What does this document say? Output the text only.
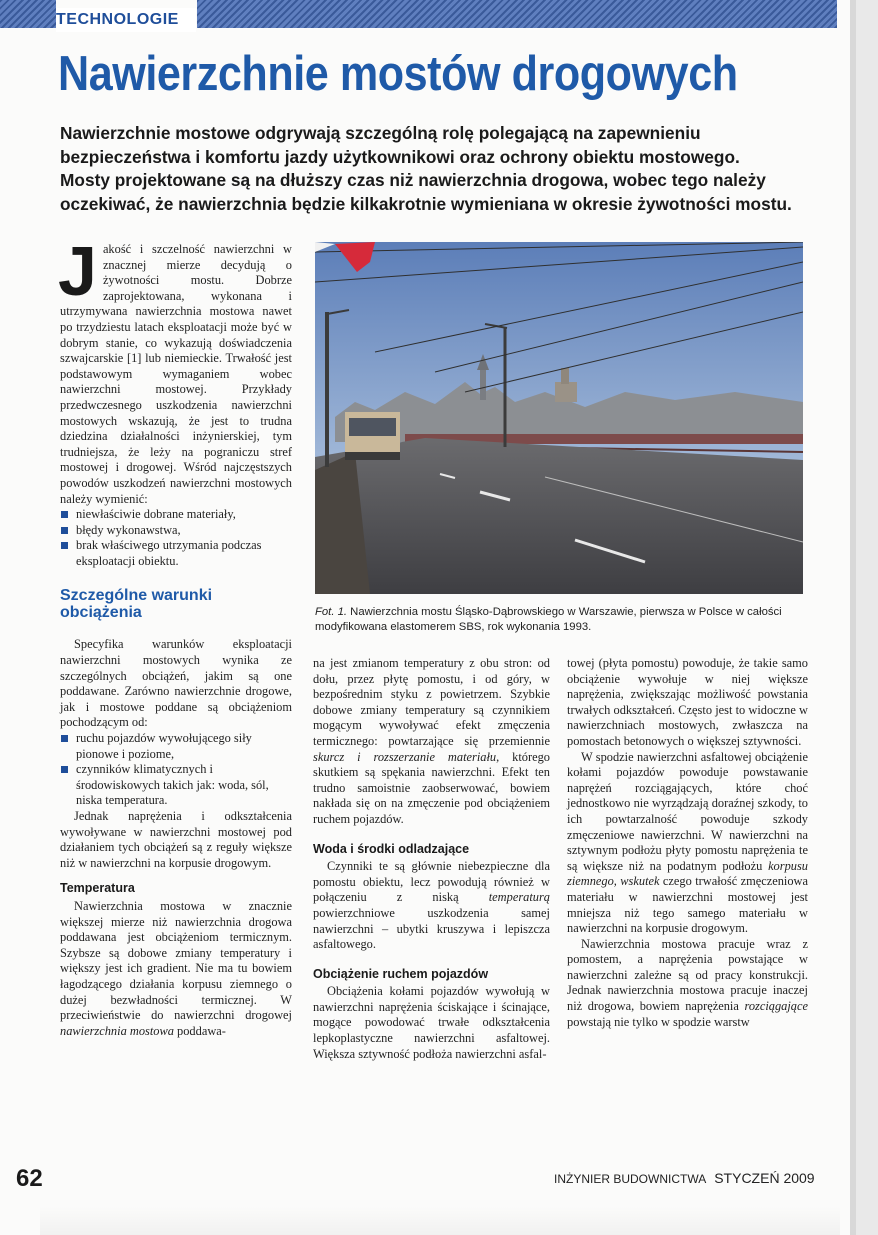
TECHNOLOGIE
Nawierzchnie mostów drogowych

Nawierzchnie mostowe odgrywają szczególną rolę polegającą na zapewnieniu

bezpieczeństwa i komfortu jazdy użytkownikowi oraz ochrony obiektu mostowego.

Mosty projektowane są na dłuższy czas niż nawierzchnia drogowa, wobec tego należy

oczekiwać, że nawierzchnia będzie kilkakrotnie wymieniana w okresie żywotności mostu.

Jakość i szczelność nawierzchni w znacznej mierze decydują o żywotności mostu. Dobrze zaprojektowana, wykonana i utrzymywana nawierzchnia mostowa nawet po trzydziestu latach eksploatacji może być w dobrym stanie, co wykazują doświadczenia szwajcarskie [1] lub niemieckie. Trwałość jest podstawowym wymaganiem wobec nawierzchni mostowej. Przykłady przedwczesnego uszkodzenia nawierzchni mostowych wskazują, że jest to trudna dziedzina działalności inżynierskiej, tym trudniejsza, że leży na pograniczu stref mostowej i drogowej. Wśród najczęstszych powodów uszkodzeń nawierzchni mostowych należy wymienić:

niewłaściwie dobrane materiały,
błędy wykonawstwa,
brak właściwego utrzymania podczas eksploatacji obiektu.
Szczególne warunki obciążenia

Specyfika warunków eksploatacji nawierzchni mostowych wynika ze szczególnych obciążeń, jakim są one poddawane. Zarówno nawierzchnie drogowe, jak i mostowe poddane są obciążeniom pochodzącym od:

ruchu pojazdów wywołującego siły pionowe i poziome,
czynników klimatycznych i środowiskowych takich jak: woda, sól, niska temperatura.

Jednak naprężenia i odkształcenia wywoływane w nawierzchni mostowej pod działaniem tych obciążeń są z reguły większe niż w nawierzchni na korpusie drogowym.

Temperatura

Nawierzchnia mostowa w znacznie większej mierze niż nawierzchnia drogowa poddawana jest obciążeniom termicznym. Szybsze są dobowe zmiany temperatury i większy jest ich gradient. Nie ma tu bowiem łagodzącego działania korpusu ziemnego o dużej bezwładności termicznej. W przeciwieństwie do nawierzchni drogowej nawierzchnia mostowa poddawa-

Fot. 1. Nawierzchnia mostu Śląsko-Dąbrowskiego w Warszawie, pierwsza w Polsce w całości modyfikowana elastomerem SBS, rok wykonania 1993.

na jest zmianom temperatury z obu stron: od dołu, przez płytę pomostu, i od góry, w bezpośrednim styku z powietrzem. Szybkie dobowe zmiany temperatury są czynnikiem mogącym wywoływać efekt zmęczenia termicznego: powtarzające się przemiennie skurcz i rozszerzanie materiału, którego skutkiem są spękania nawierzchni. Efekt ten trudno samoistnie zaobserwować, bowiem nakłada się on na zmęczenie pod obciążeniem ruchem pojazdów.

Woda i środki odladzające

Czynniki te są głównie niebezpieczne dla pomostu obiektu, lecz powodują również w połączeniu z niską temperaturą powierzchniowe uszkodzenia samej nawierzchni – ubytki kruszywa i lepiszcza asfaltowego.

Obciążenie ruchem pojazdów

Obciążenia kołami pojazdów wywołują w nawierzchni naprężenia ściskające i ścinające, mogące powodować trwałe odkształcenia lepkoplastyczne nawierzchni asfaltowej. Większa sztywność podłoża nawierzchni asfal-

towej (płyta pomostu) powoduje, że takie samo obciążenie wywołuje w niej większe naprężenia, zwiększając możliwość powstania trwałych odkształceń. Często jest to widoczne w nawierzchniach mostowych, zwłaszcza na pomostach betonowych o większej sztywności.

W spodzie nawierzchni asfaltowej obciążenie kołami pojazdów powoduje powstawanie naprężeń rozciągających, które choć jednostkowo nie wyrządzają doraźnej szkody, to ich powtarzalność powoduje szkody zmęczeniowe nawierzchni. W nawierzchni na sztywnym podłożu płyty pomostu naprężenia te są większe niż na podatnym podłożu korpusu ziemnego, wskutek czego trwałość zmęczeniowa materiału w nawierzchni mostowej jest mniejsza niż tego samego materiału w nawierzchni na korpusie drogowym.

Nawierzchnia mostowa pracuje wraz z pomostem, a naprężenia powstające w nawierzchni zależne są od pracy konstrukcji. Jednak nawierzchnia mostowa pracuje inaczej niż drogowa, bowiem naprężenia rozciągające powstają nie tylko w spodzie warstw

62	INŻYNIER BUDOWNICTWA STYCZEŃ 2009
